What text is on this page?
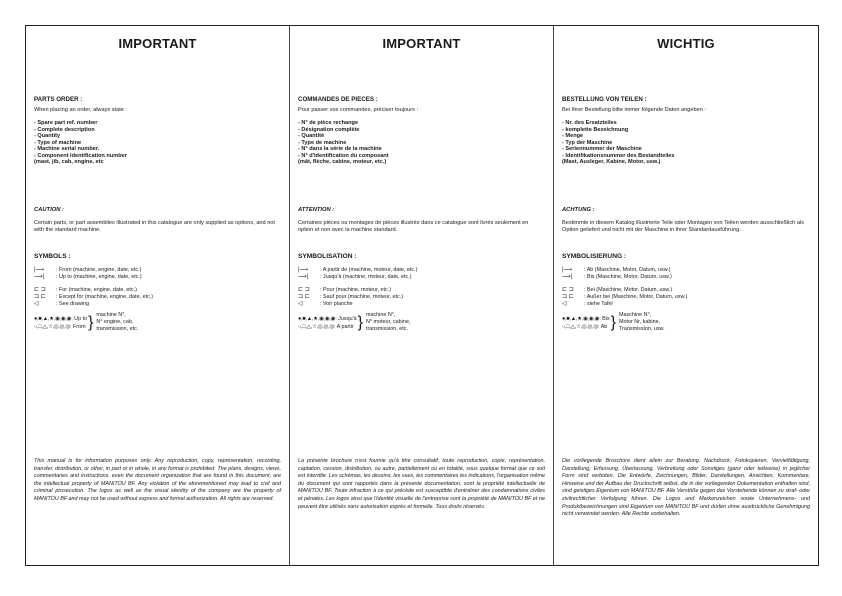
IMPORTANT

PARTS ORDER :

When placing an order, always state :

- Spare part ref. number
- Complete description
- Quantity
- Type of machine
- Machine serial number.
- Component identification number
(mast, jib, cab, engine, etc
CAUTION :

Certain parts, or part assemblies illustrated in this catalogue are only supplied as options, and not with the standard machine.

SYMBOLS :
|⟶	: From (machine, engine, date, etc.)
⟶|	: Up to (machine, engine, date, etc.)
⊏ ⊐	: For (machine, engine, date, etc.)
⊐ ⊏	: Except for (machine, engine, date, etc.)
◁	: See drawing
●,■,▲,★,◉,◉,◉: Up to
○,□,△,☆,◎,◎,◎: From } machine N°,
N° engine, cab,
transmission, etc.
This manual is for information purposes only. Any reproduction, copy, representation, recording, transfer, distribution, or other, in part or in whole, in any format is prohibited. The plans, designs, views, commentaries and instructions, even the document organization that are found in this document, are the intellectual property of MANITOU BF. Any violation of the aforementioned may lead to civil and criminal prosecution. The logos as well as the visual identity of the company are the property of MANITOU BF and may not be used without express and formal authorization. All rights are reserved.
IMPORTANT

COMMANDES DE PIECES :

Pour passer vos commandes, préciser toujours :

- N° de pièce rechange
- Désignation complète
- Quantité
- Type de machine
- N° dans la série de la machine
- N° d'identification du composant
(mât, flèche, cabine, moteur, etc.)
ATTENTION :

Certaines pièces ou montages de pièces illustrés dans ce catalogue sont livrés seulement en option et non avec la machine standard.

SYMBOLISATION :
|⟶	: A partir de (machine, moteur, date, etc.)
⟶|	: Jusqu'à (machine, moteur, date, etc.)
⊏ ⊐	: Pour (machine, moteur, etc.)
⊐ ⊏	: Sauf pour (machine, moteur, etc.)
◁	: Voir planche
●,■,▲,★,◉,◉,◉: Jusqu'à
○,□,△,☆,◎,◎,◎: A partir } machine N°,
N° moteur, cabine,
transmission, etc.
La présente brochure n'est fournie qu'à titre consultatif, toute reproduction, copie, représentation, captation, cession, distribution, ou autre, partiellement ou en totalité, sous quelque format que ce soit est interdite. Les schémas, les dessins, les vues, les commentaires les indications, l'organisation même du document qui sont rapportés dans la présente documentation, sont la propriété intellectuelle de MANITOU BF. Toute infraction à ce qui précède est susceptible d'entraîner des condamnations civiles et pénales. Les logos ainsi que l'identité visuelle de l'entreprise sont la propriété de MANITOU BF et ne peuvent être utilisés sans autorisation exprès et formelle. Tous droits réservés.
WICHTIG

BESTELLUNG VON TEILEN :

Bei Ihrer Bestellung bitte immer folgende Daten angeben :

- Nr. des Ersatzteiles
- komplette Bezeichnung
- Menge
- Typ der Maschine
- Seriennummer der Maschine
- Identifikationsnummer des Bestandteiles
(Mast, Ausleger, Kabine, Motor, usw.)
ACHTUNG :

Bestimmte in diesem Katalog illustrierte Teile oder Montagen von Teilen werden ausschließlich als Option geliefert und nicht mit der Maschine in ihrer Standardausführung.

SYMBOLISIERUNG :
|⟶	: Ab (Maschine, Motor, Datum, usw.)
⟶|	: Bis (Maschine, Motor, Datum, usw.)
⊏ ⊐	: Bei (Maschine, Motor, Datum, usw.)
⊐ ⊏	: Außer bei (Maschine, Motor, Datum, usw.)
◁	: siehe Tafel
●,■,▲,★,◉,◉,◉: Bis
○,□,△,☆,◎,◎,◎: Ab } Maschine N°,
Motor Nr, kabine,
Transmission, usw.
Die vorliegende Broschüre dient allein zur Beratung. Nachdruck, Fotokopieren, Vervielfältigung, Darstellung, Erfassung, Überlassung, Verbreitung oder Sonstiges (ganz oder teilweise) in jeglicher Form sind verboten. Die Entwürfe, Zeichnungen, Bilder, Darstellungen, Ansichten, Kommentare, Hinweise und der Aufbau der Druckschrift selbst, die in der vorliegenden Dokumentation enthalten sind, sind geistiges Eigentum von MANITOU BF. Alle Verstöße gegen das Vorstehende können zu straf- oder zivilrechtlicher Verfolgung führen. Die Logos und Markenzeichen sowie Unternehmens- und Produktbezeichnungen sind Eigentum von MANITOU BF und dürfen ohne ausdrückliche Genehmigung nicht verwendet werden. Alle Rechte vorbehalten.
